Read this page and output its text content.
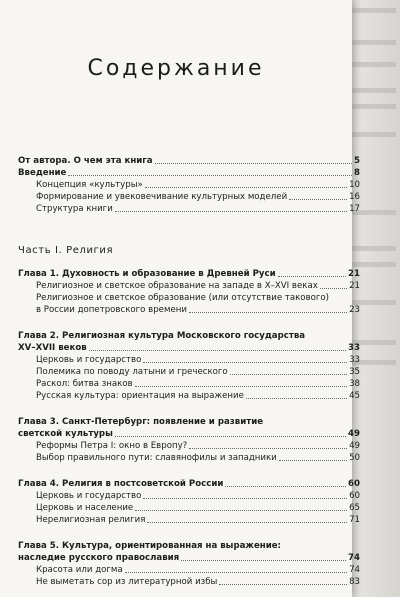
Содержание
От автора. О чем эта книга	5
Введение	8
Концепция «культуры»	10
Формирование и увековечивание культурных моделей	16
Структура книги	17
Часть I. Религия
Глава 1. Духовность и образование в Древней Руси	21
Религиозное и светское образование на западе в X–XVI веках	21
Религиозное и светское образование (или отсутствие такового)
в России допетровского времени	23
Глава 2. Религиозная культура Московского государства
XV–XVII веков	33
Церковь и государство	33
Полемика по поводу латыни и греческого	35
Раскол: битва знаков	38
Русская культура: ориентация на выражение	45
Глава 3. Санкт-Петербург: появление и развитие
светской культуры	49
Реформы Петра I: окно в Европу?	49
Выбор правильного пути: славянофилы и западники	50
Глава 4. Религия в постсоветской России	60
Церковь и государство	60
Церковь и население	65
Нерелигиозная религия	71
Глава 5. Культура, ориентированная на выражение:
наследие русского православия	74
Красота или догма	74
Не выметать сор из литературной избы	83
